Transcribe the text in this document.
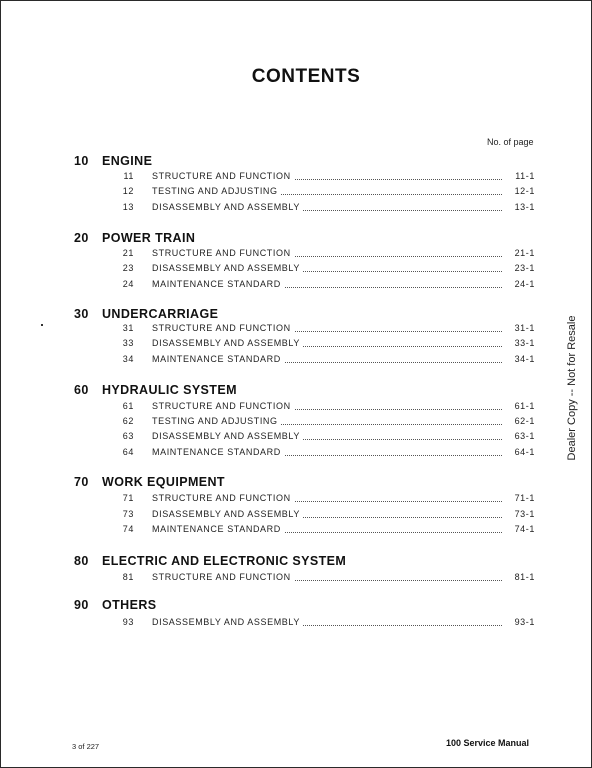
CONTENTS
No. of page
10 ENGINE
11 STRUCTURE AND FUNCTION	11-1
12 TESTING AND ADJUSTING	12-1
13 DISASSEMBLY AND ASSEMBLY	13-1
20 POWER TRAIN
21 STRUCTURE AND FUNCTION	21-1
23 DISASSEMBLY AND ASSEMBLY	23-1
24 MAINTENANCE STANDARD	24-1
30 UNDERCARRIAGE
31 STRUCTURE AND FUNCTION	31-1
33 DISASSEMBLY AND ASSEMBLY	33-1
34 MAINTENANCE STANDARD	34-1
60 HYDRAULIC SYSTEM
61 STRUCTURE AND FUNCTION	61-1
62 TESTING AND ADJUSTING	62-1
63 DISASSEMBLY AND ASSEMBLY	63-1
64 MAINTENANCE STANDARD	64-1
70 WORK EQUIPMENT
71 STRUCTURE AND FUNCTION	71-1
73 DISASSEMBLY AND ASSEMBLY	73-1
74 MAINTENANCE STANDARD	74-1
80 ELECTRIC AND ELECTRONIC SYSTEM
81 STRUCTURE AND FUNCTION	81-1
90 OTHERS
93 DISASSEMBLY AND ASSEMBLY	93-1
Dealer Copy -- Not for Resale
3 of 227	100 Service Manual
